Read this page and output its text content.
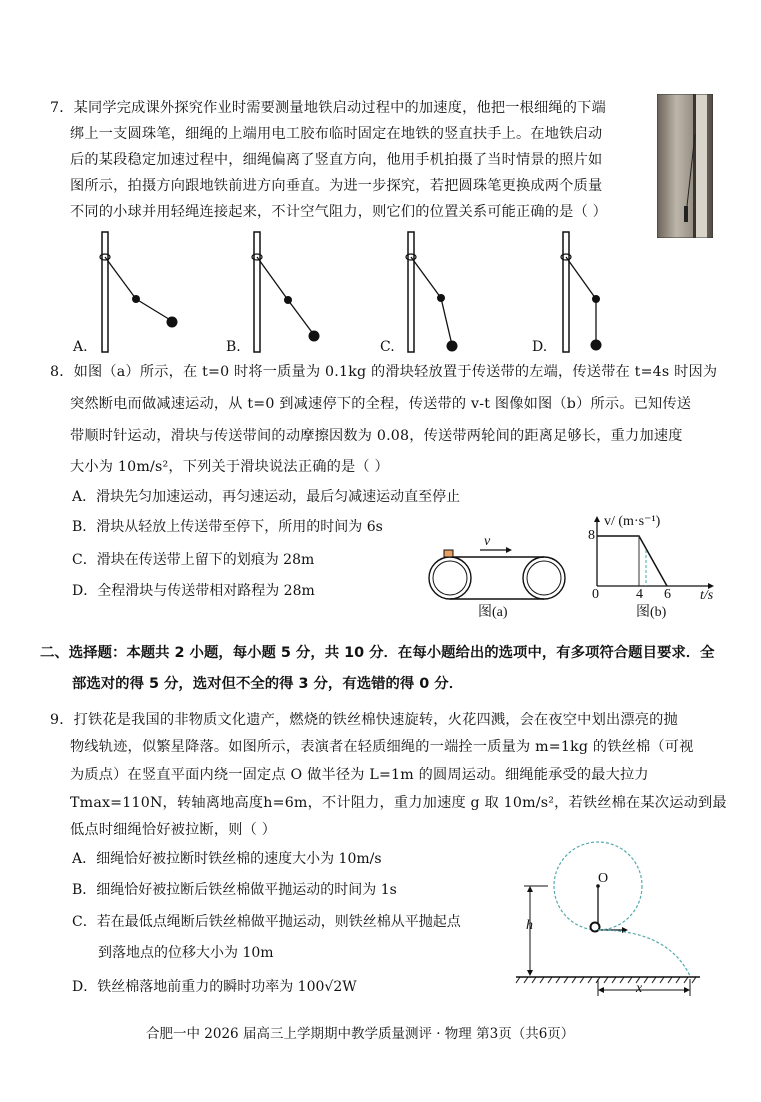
7．某同学完成课外探究作业时需要测量地铁启动过程中的加速度，他把一根细绳的下端
绑上一支圆珠笔，细绳的上端用电工胶布临时固定在地铁的竖直扶手上。在地铁启动
后的某段稳定加速过程中，细绳偏离了竖直方向，他用手机拍摄了当时情景的照片如
图所示，拍摄方向跟地铁前进方向垂直。为进一步探究，若把圆珠笔更换成两个质量
不同的小球并用轻绳连接起来，不计空气阻力，则它们的位置关系可能正确的是（ ）
A.	B.	C.	D.
8．如图（a）所示，在 t=0 时将一质量为 0.1kg 的滑块轻放置于传送带的左端，传送带在 t=4s 时因为
突然断电而做减速运动，从 t=0 到减速停下的全程，传送带的 v-t 图像如图（b）所示。已知传送
带顺时针运动，滑块与传送带间的动摩擦因数为 0.08，传送带两轮间的距离足够长，重力加速度
大小为 10m/s²，下列关于滑块说法正确的是（ ）
A．滑块先匀加速运动，再匀速运动，最后匀减速运动直至停止
B．滑块从轻放上传送带至停下，所用的时间为 6s
C．滑块在传送带上留下的划痕为 28m
D．全程滑块与传送带相对路程为 28m
v
图(a)
v/ (m·s⁻¹)
8
0	4 6 t/s
图(b)
二、选择题：本题共 2 小题，每小题 5 分，共 10 分．在每小题给出的选项中，有多项符合题目要求．全
部选对的得 5 分，选对但不全的得 3 分，有选错的得 0 分．
9．打铁花是我国的非物质文化遗产，燃烧的铁丝棉快速旋转，火花四溅，会在夜空中划出漂亮的抛
物线轨迹，似繁星降落。如图所示，表演者在轻质细绳的一端拴一质量为 m=1kg 的铁丝棉（可视
为质点）在竖直平面内绕一固定点 O 做半径为 L=1m 的圆周运动。细绳能承受的最大拉力
Tmax=110N，转轴离地高度h=6m，不计阻力，重力加速度 g 取 10m/s²，若铁丝棉在某次运动到最
低点时细绳恰好被拉断，则（ ）
A．细绳恰好被拉断时铁丝棉的速度大小为 10m/s
B．细绳恰好被拉断后铁丝棉做平抛运动的时间为 1s
C．若在最低点绳断后铁丝棉做平抛运动，则铁丝棉从平抛起点
到落地点的位移大小为 10m
D．铁丝棉落地前重力的瞬时功率为 100√2W
O
h
x
合肥一中 2026 届高三上学期期中教学质量测评 · 物理 第3页（共6页）
